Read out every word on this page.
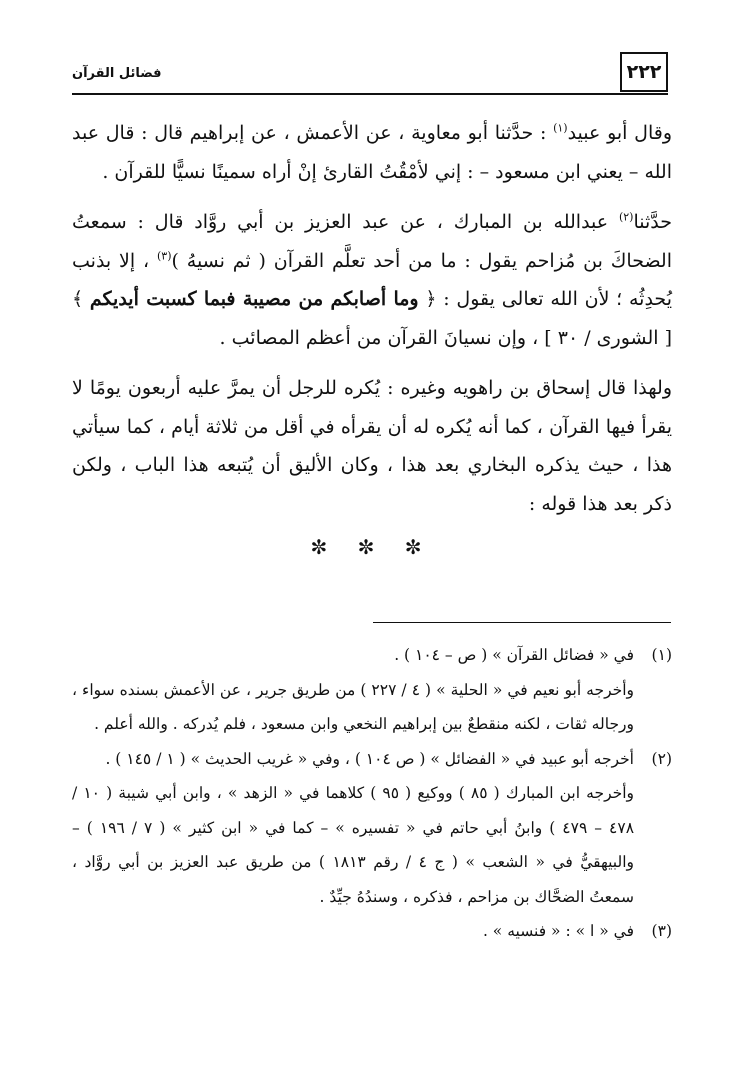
٢٢٢
فضائل القرآن

وقال أبو عبيد$^{(١)}$ : حدَّثنا أبو معاوية ، عن الأعمش ، عن إبراهيم قال : قال عبد الله – يعني ابن مسعود – : إني لأمْقُتُ القارئ إنْ أراه سمينًا نسيًّا للقرآن .

حدَّثنا$^{(٢)}$ عبدالله بن المبارك ، عن عبد العزيز بن أبي روَّاد قال : سمعتُ الضحاكَ بن مُزاحم يقول : ما من أحد تعلَّم القرآن ( ثم نسيهُ )$^{(٣)}$ ، إلا بذنب يُحدِثُه ؛ لأن الله تعالى يقول : ﴿ وما أصابكم من مصيبة فبما كسبت أيديكم ﴾ [ الشورى / ٣٠ ] ، وإن نسيانَ القرآن من أعظم المصائب .

ولهذا قال إسحاق بن راهويه وغيره : يُكره للرجل أن يمرَّ عليه أربعون يومًا لا يقرأ فيها القرآن ، كما أنه يُكره له أن يقرأه في أقل من ثلاثة أيام ، كما سيأتي هذا ، حيث يذكره البخاري بعد هذا ، وكان الأليق أن يُتبعه هذا الباب ، ولكن ذكر بعد هذا قوله :

✼ ✼ ✼
(١)

في « فضائل القرآن » ( ص – ١٠٤ ) .

وأخرجه أبو نعيم في « الحلية » ( ٤ / ٢٢٧ ) من طريق جرير ، عن الأعمش بسنده سواء ، ورجاله ثقات ، لكنه منقطعٌ بين إبراهيم النخعي وابن مسعود ، فلم يُدركه . والله أعلم .

(٢)

أخرجه أبو عبيد في « الفضائل » ( ص ١٠٤ ) ، وفي « غريب الحديث » ( ١ / ١٤٥ ) .

وأخرجه ابن المبارك ( ٨٥ ) ووكيع ( ٩٥ ) كلاهما في « الزهد » ، وابن أبي شيبة ( ١٠ / ٤٧٨ – ٤٧٩ ) وابنُ أبي حاتم في « تفسيره » – كما في « ابن كثير » ( ٧ / ١٩٦ ) – والبيهقيُّ في « الشعب » ( ج ٤ / رقم ١٨١٣ ) من طريق عبد العزيز بن أبي روَّاد ، سمعتُ الضحَّاك بن مزاحم ، فذكره ، وسندُهُ جيِّدٌ .

(٣)

في « ا » : « فنسيه » .
